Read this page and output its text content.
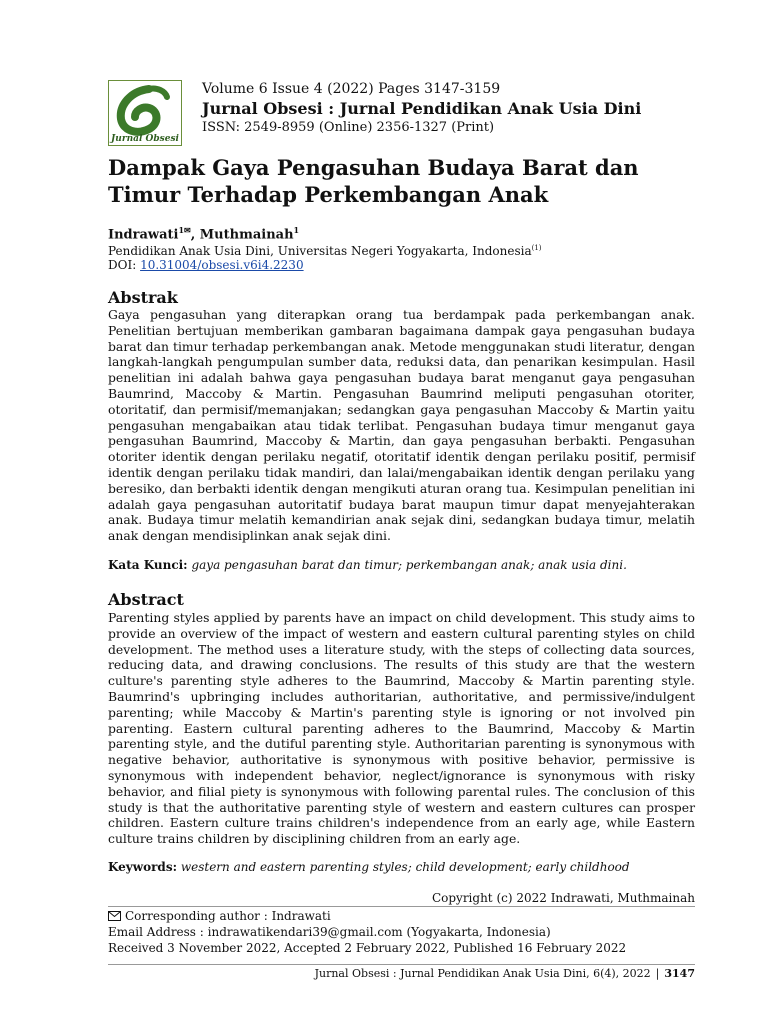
Jurnal Obsesi
Volume 6 Issue 4 (2022) Pages 3147-3159
Jurnal Obsesi : Jurnal Pendidikan Anak Usia Dini
ISSN: 2549-8959 (Online) 2356-1327 (Print)
Dampak Gaya Pengasuhan Budaya Barat dan Timur Terhadap Perkembangan Anak
Indrawati$^{1✉}$, Muthmainah$^1$
Pendidikan Anak Usia Dini, Universitas Negeri Yogyakarta, Indonesia$^{(1)}$
DOI: 10.31004/obsesi.v6i4.2230
Abstrak

Gaya pengasuhan yang diterapkan orang tua berdampak pada perkembangan anak. Penelitian bertujuan memberikan gambaran bagaimana dampak gaya pengasuhan budaya barat dan timur terhadap perkembangan anak. Metode menggunakan studi literatur, dengan langkah-langkah pengumpulan sumber data, reduksi data, dan penarikan kesimpulan. Hasil penelitian ini adalah bahwa gaya pengasuhan budaya barat menganut gaya pengasuhan Baumrind, Maccoby & Martin. Pengasuhan Baumrind meliputi pengasuhan otoriter, otoritatif, dan permisif/memanjakan; sedangkan gaya pengasuhan Maccoby & Martin yaitu pengasuhan mengabaikan atau tidak terlibat. Pengasuhan budaya timur menganut gaya pengasuhan Baumrind, Maccoby & Martin, dan gaya pengasuhan berbakti. Pengasuhan otoriter identik dengan perilaku negatif, otoritatif identik dengan perilaku positif, permisif identik dengan perilaku tidak mandiri, dan lalai/mengabaikan identik dengan perilaku yang beresiko, dan berbakti identik dengan mengikuti aturan orang tua. Kesimpulan penelitian ini adalah gaya pengasuhan autoritatif budaya barat maupun timur dapat menyejahterakan anak. Budaya timur melatih kemandirian anak sejak dini, sedangkan budaya timur, melatih anak dengan mendisiplinkan anak sejak dini.

Kata Kunci: gaya pengasuhan barat dan timur; perkembangan anak; anak usia dini.
Abstract

Parenting styles applied by parents have an impact on child development. This study aims to provide an overview of the impact of western and eastern cultural parenting styles on child development. The method uses a literature study, with the steps of collecting data sources, reducing data, and drawing conclusions. The results of this study are that the western culture's parenting style adheres to the Baumrind, Maccoby & Martin parenting style. Baumrind's upbringing includes authoritarian, authoritative, and permissive/indulgent parenting; while Maccoby & Martin's parenting style is ignoring or not involved pin parenting. Eastern cultural parenting adheres to the Baumrind, Maccoby & Martin parenting style, and the dutiful parenting style. Authoritarian parenting is synonymous with negative behavior, authoritative is synonymous with positive behavior, permissive is synonymous with independent behavior, neglect/ignorance is synonymous with risky behavior, and filial piety is synonymous with following parental rules. The conclusion of this study is that the authoritative parenting style of western and eastern cultures can prosper children. Eastern culture trains children's independence from an early age, while Eastern culture trains children by disciplining children from an early age.

Keywords: western and eastern parenting styles; child development; early childhood
Copyright (c) 2022 Indrawati, Muthmainah
Corresponding author : Indrawati
Email Address : indrawatikendari39@gmail.com (Yogyakarta, Indonesia)
Received 3 November 2022, Accepted 2 February 2022, Published 16 February 2022
Jurnal Obsesi : Jurnal Pendidikan Anak Usia Dini, 6(4), 2022 | 3147
